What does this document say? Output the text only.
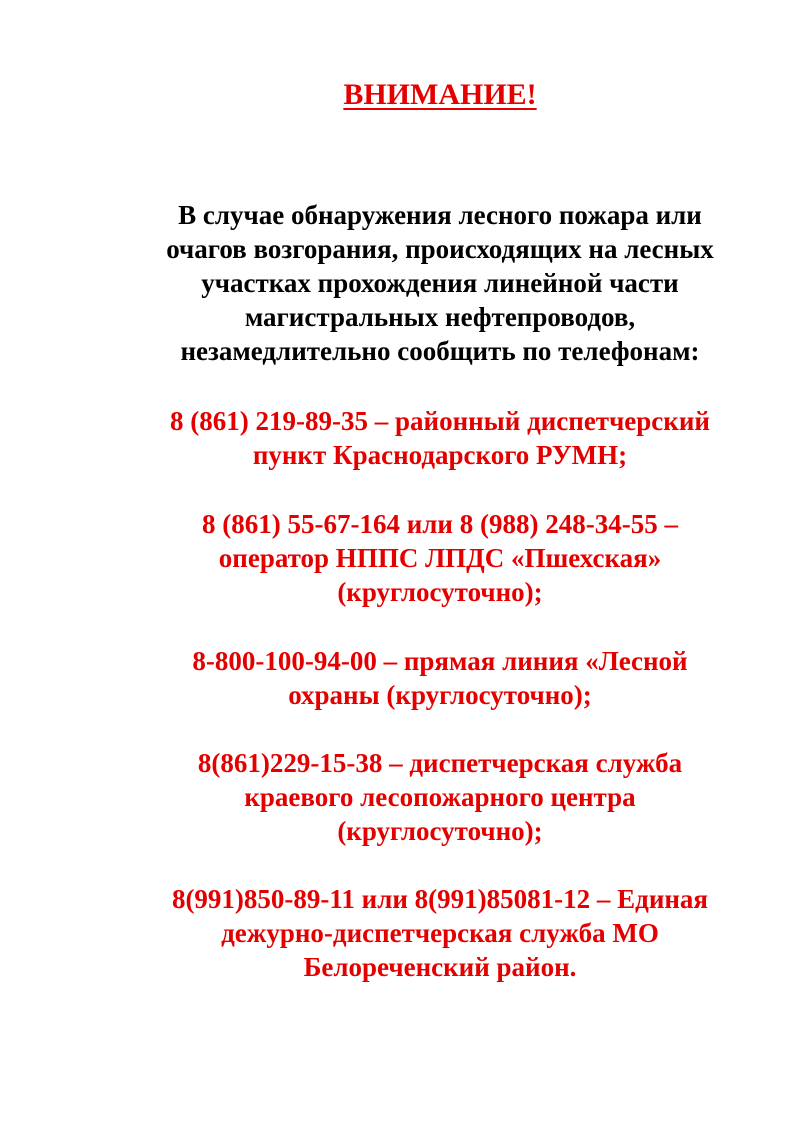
ВНИМАНИЕ!

В случае обнаружения лесного пожара или
очагов возгорания, происходящих на лесных
участках прохождения линейной части
магистральных нефтепроводов,
незамедлительно сообщить по телефонам:

8 (861) 219-89-35 – районный диспетчерский
пункт Краснодарского РУМН;

8 (861) 55-67-164 или 8 (988) 248-34-55 –
оператор НППС ЛПДС «Пшехская»
(круглосуточно);

8-800-100-94-00 – прямая линия «Лесной
охраны (круглосуточно);

8(861)229-15-38 – диспетчерская служба
краевого лесопожарного центра
(круглосуточно);

8(991)850-89-11 или 8(991)85081-12 – Единая
дежурно-диспетчерская служба МО
Белореченский район.
